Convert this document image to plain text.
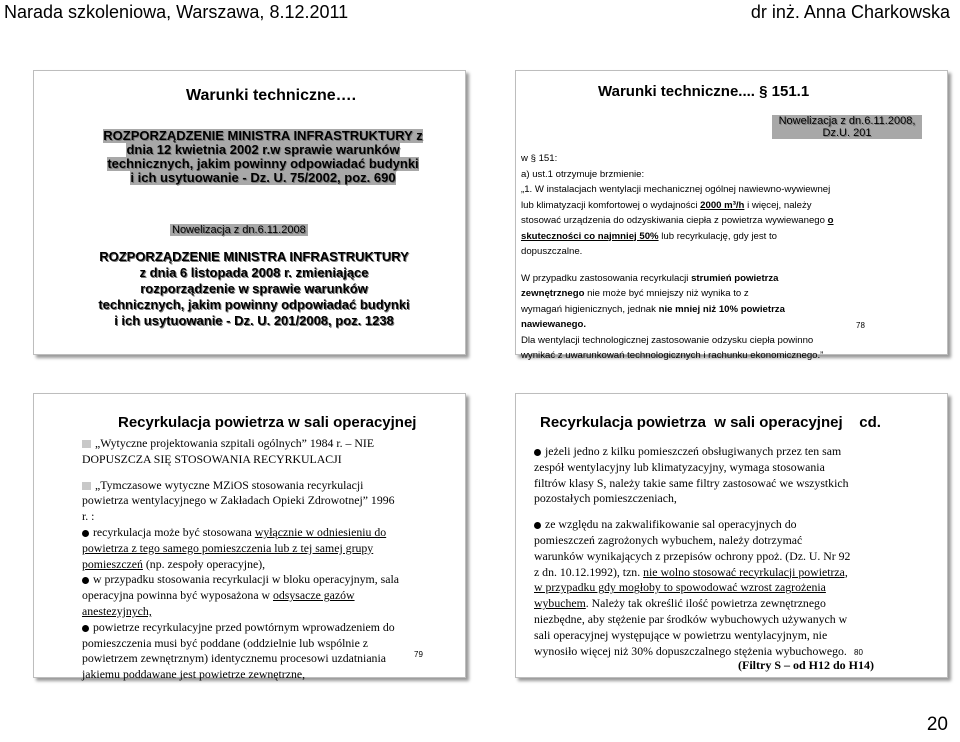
Narada szkoleniowa, Warszawa, 8.12.2011	dr inż. Anna Charkowska
Warunki techniczne….
ROZPORZĄDZENIE MINISTRA INFRASTRUKTURY z
dnia 12 kwietnia 2002 r.w sprawie warunków
technicznych, jakim powinny odpowiadać budynki
i ich usytuowanie - Dz. U. 75/2002, poz. 690
Nowelizacja z dn.6.11.2008
ROZPORZĄDZENIE MINISTRA INFRASTRUKTURY
z dnia 6 listopada 2008 r. zmieniające
rozporządzenie w sprawie warunków
technicznych, jakim powinny odpowiadać budynki
i ich usytuowanie - Dz. U. 201/2008, poz. 1238
Warunki techniczne.... § 151.1
Nowelizacja z dn.6.11.2008,
Dz.U. 201
w § 151:
a) ust.1 otrzymuje brzmienie:
„1. W instalacjach wentylacji mechanicznej ogólnej nawiewno-wywiewnej
lub klimatyzacji komfortowej o wydajności 2000 m³/h i więcej, należy
stosować urządzenia do odzyskiwania ciepła z powietrza wywiewanego o
skuteczności co najmniej 50% lub recyrkulację, gdy jest to
dopuszczalne.
W przypadku zastosowania recyrkulacji strumień powietrza
zewnętrznego nie może być mniejszy niż wynika to z
wymagań higienicznych, jednak nie mniej niż 10% powietrza
nawiewanego.
Dla wentylacji technologicznej zastosowanie odzysku ciepła powinno
wynikać z uwarunkowań technologicznych i rachunku ekonomicznego.”
78
Recyrkulacja powietrza w sali operacyjnej
„Wytyczne projektowania szpitali ogólnych” 1984 r. – NIE
DOPUSZCZA SIĘ STOSOWANIA RECYRKULACJI
„Tymczasowe wytyczne MZiOS stosowania recyrkulacji
powietrza wentylacyjnego w Zakładach Opieki Zdrowotnej” 1996
r. :
recyrkulacja może być stosowana wyłącznie w odniesieniu do
powietrza z tego samego pomieszczenia lub z tej samej grupy
pomieszczeń (np. zespoły operacyjne),
w przypadku stosowania recyrkulacji w bloku operacyjnym, sala
operacyjna powinna być wyposażona w odsysacze gazów
anestezyjnych,
powietrze recyrkulacyjne przed powtórnym wprowadzeniem do
pomieszczenia musi być poddane (oddzielnie lub wspólnie z
powietrzem zewnętrznym) identycznemu procesowi uzdatniania
jakiemu poddawane jest powietrze zewnętrzne,
79
Recyrkulacja powietrza  w sali operacyjnej    cd.
jeżeli jedno z kilku pomieszczeń obsługiwanych przez ten sam
zespół wentylacyjny lub klimatyzacyjny, wymaga stosowania
filtrów klasy S, należy takie same filtry zastosować we wszystkich
pozostałych pomieszczeniach,
ze względu na zakwalifikowanie sal operacyjnych do
pomieszczeń zagrożonych wybuchem, należy dotrzymać
warunków wynikających z przepisów ochrony ppoż. (Dz. U. Nr 92
z dn. 10.12.1992), tzn. nie wolno stosować recyrkulacji powietrza,
w przypadku gdy mogłoby to spowodować wzrost zagrożenia
wybuchem. Należy tak określić ilość powietrza zewnętrznego
niezbędne, aby stężenie par środków wybuchowych używanych w
sali operacyjnej występujące w powietrzu wentylacyjnym, nie
wynosiło więcej niż 30% dopuszczalnego stężenia wybuchowego. 80
(Filtry S – od H12 do H14)
20
